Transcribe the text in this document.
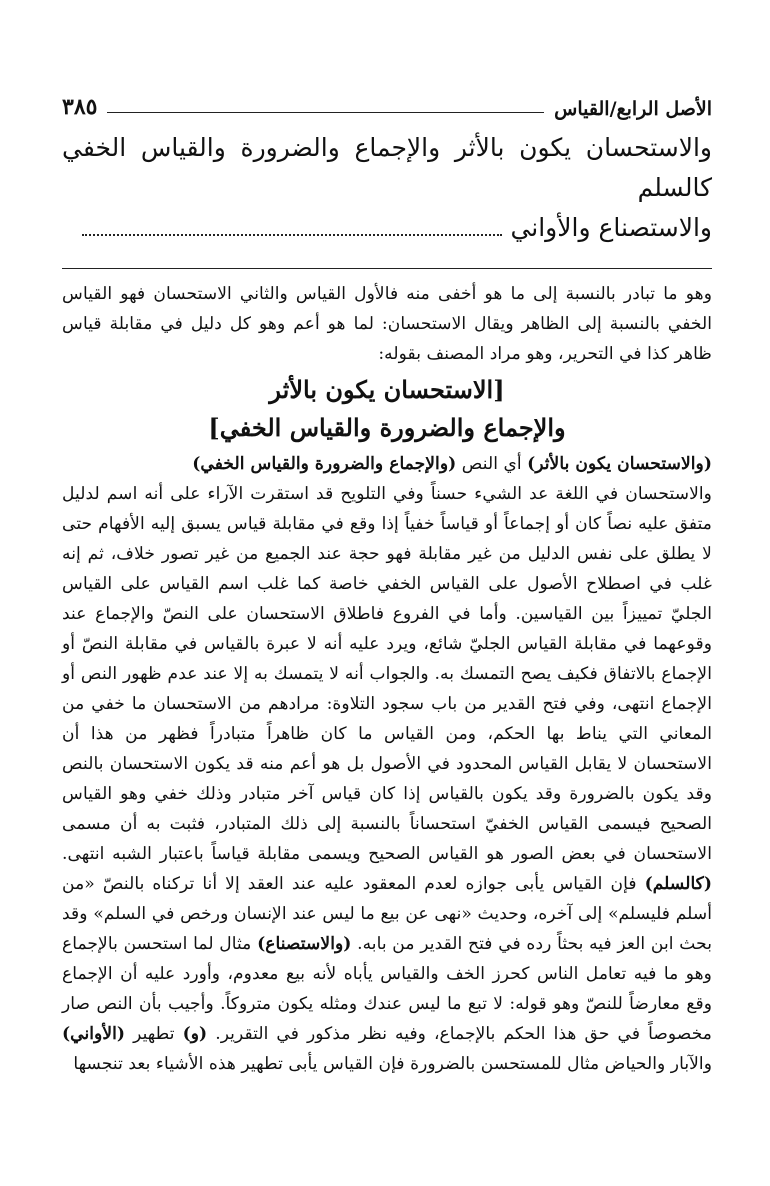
الأصل الرابع/القياس
٣٨٥
والاستحسان يكون بالأثر والإجماع والضرورة والقياس الخفي كالسلم
والاستصناع والأواني

وهو ما تبادر بالنسبة إلى ما هو أخفى منه فالأول القياس والثاني الاستحسان فهو القياس الخفي بالنسبة إلى الظاهر ويقال الاستحسان: لما هو أعم وهو كل دليل في مقابلة قياس ظاهر كذا في التحرير، وهو مراد المصنف بقوله:

[الاستحسان يكون بالأثر
والإجماع والضرورة والقياس الخفي]

(والاستحسان يكون بالأثر) أي النص (والإجماع والضرورة والقياس الخفي)

والاستحسان في اللغة عد الشيء حسناً وفي التلويح قد استقرت الآراء على أنه اسم لدليل متفق عليه نصاً كان أو إجماعاً أو قياساً خفياً إذا وقع في مقابلة قياس يسبق إليه الأفهام حتى لا يطلق على نفس الدليل من غير مقابلة فهو حجة عند الجميع من غير تصور خلاف، ثم إنه غلب في اصطلاح الأصول على القياس الخفي خاصة كما غلب اسم القياس على القياس الجليّ تمييزاً بين القياسين. وأما في الفروع فاطلاق الاستحسان على النصّ والإجماع عند وقوعهما في مقابلة القياس الجليّ شائع، ويرد عليه أنه لا عبرة بالقياس في مقابلة النصّ أو الإجماع بالاتفاق فكيف يصح التمسك به. والجواب أنه لا يتمسك به إلا عند عدم ظهور النص أو الإجماع انتهى، وفي فتح القدير من باب سجود التلاوة: مرادهم من الاستحسان ما خفي من المعاني التي يناط بها الحكم، ومن القياس ما كان ظاهراً متبادراً فظهر من هذا أن الاستحسان لا يقابل القياس المحدود في الأصول بل هو أعم منه قد يكون الاستحسان بالنص وقد يكون بالضرورة وقد يكون بالقياس إذا كان قياس آخر متبادر وذلك خفي وهو القياس الصحيح فيسمى القياس الخفيّ استحساناً بالنسبة إلى ذلك المتبادر، فثبت به أن مسمى الاستحسان في بعض الصور هو القياس الصحيح ويسمى مقابلة قياساً باعتبار الشبه انتهى. (كالسلم) فإن القياس يأبى جوازه لعدم المعقود عليه عند العقد إلا أنا تركناه بالنصّ «من أسلم فليسلم» إلى آخره، وحديث «نهى عن بيع ما ليس عند الإنسان ورخص في السلم» وقد بحث ابن العز فيه بحثاً رده في فتح القدير من بابه. (والاستصناع) مثال لما استحسن بالإجماع وهو ما فيه تعامل الناس كحرز الخف والقياس يأباه لأنه بيع معدوم، وأورد عليه أن الإجماع وقع معارضاً للنصّ وهو قوله: لا تبع ما ليس عندك ومثله يكون متروكاً. وأجيب بأن النص صار مخصوصاً في حق هذا الحكم بالإجماع، وفيه نظر مذكور في التقرير. (و) تطهير (الأواني) والآبار والحياض مثال للمستحسن بالضرورة فإن القياس يأبى تطهير هذه الأشياء بعد تنجسها
